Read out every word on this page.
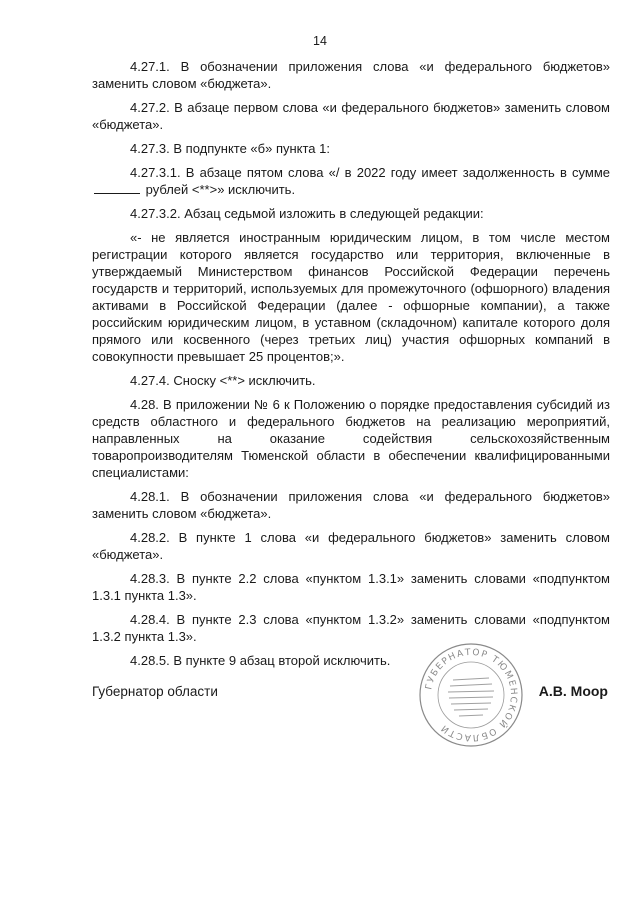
14

4.27.1. В обозначении приложения слова «и федерального бюджетов» заменить словом «бюджета».

4.27.2. В абзаце первом слова «и федерального бюджетов» заменить словом «бюджета».

4.27.3. В подпункте «б» пункта 1:

4.27.3.1. В абзаце пятом слова «/ в 2022 году имеет задолженность в сумме  рублей <**>» исключить.

4.27.3.2. Абзац седьмой изложить в следующей редакции:

«- не является иностранным юридическим лицом, в том числе местом регистрации которого является государство или территория, включенные в утверждаемый Министерством финансов Российской Федерации перечень государств и территорий, используемых для промежуточного (офшорного) владения активами в Российской Федерации (далее - офшорные компании), а также российским юридическим лицом, в уставном (складочном) капитале которого доля прямого или косвенного (через третьих лиц) участия офшорных компаний в совокупности превышает 25 процентов;».

4.27.4. Сноску <**> исключить.

4.28. В приложении № 6 к Положению о порядке предоставления субсидий из средств областного и федерального бюджетов на реализацию мероприятий, направленных на оказание содействия сельскохозяйственным товаропроизводителям Тюменской области в обеспечении квалифицированными специалистами:

4.28.1. В обозначении приложения слова «и федерального бюджетов» заменить словом «бюджета».

4.28.2. В пункте 1 слова «и федерального бюджетов» заменить словом «бюджета».

4.28.3. В пункте 2.2 слова «пунктом 1.3.1» заменить словами «подпунктом 1.3.1 пункта 1.3».

4.28.4. В пункте 2.3 слова «пунктом 1.3.2» заменить словами «подпунктом 1.3.2 пункта 1.3».

4.28.5. В пункте 9 абзац второй исключить.

ГУБЕРНАТОР ТЮМЕНСКОЙ ОБЛАСТИ
Губернатор области	А.В. Моор
